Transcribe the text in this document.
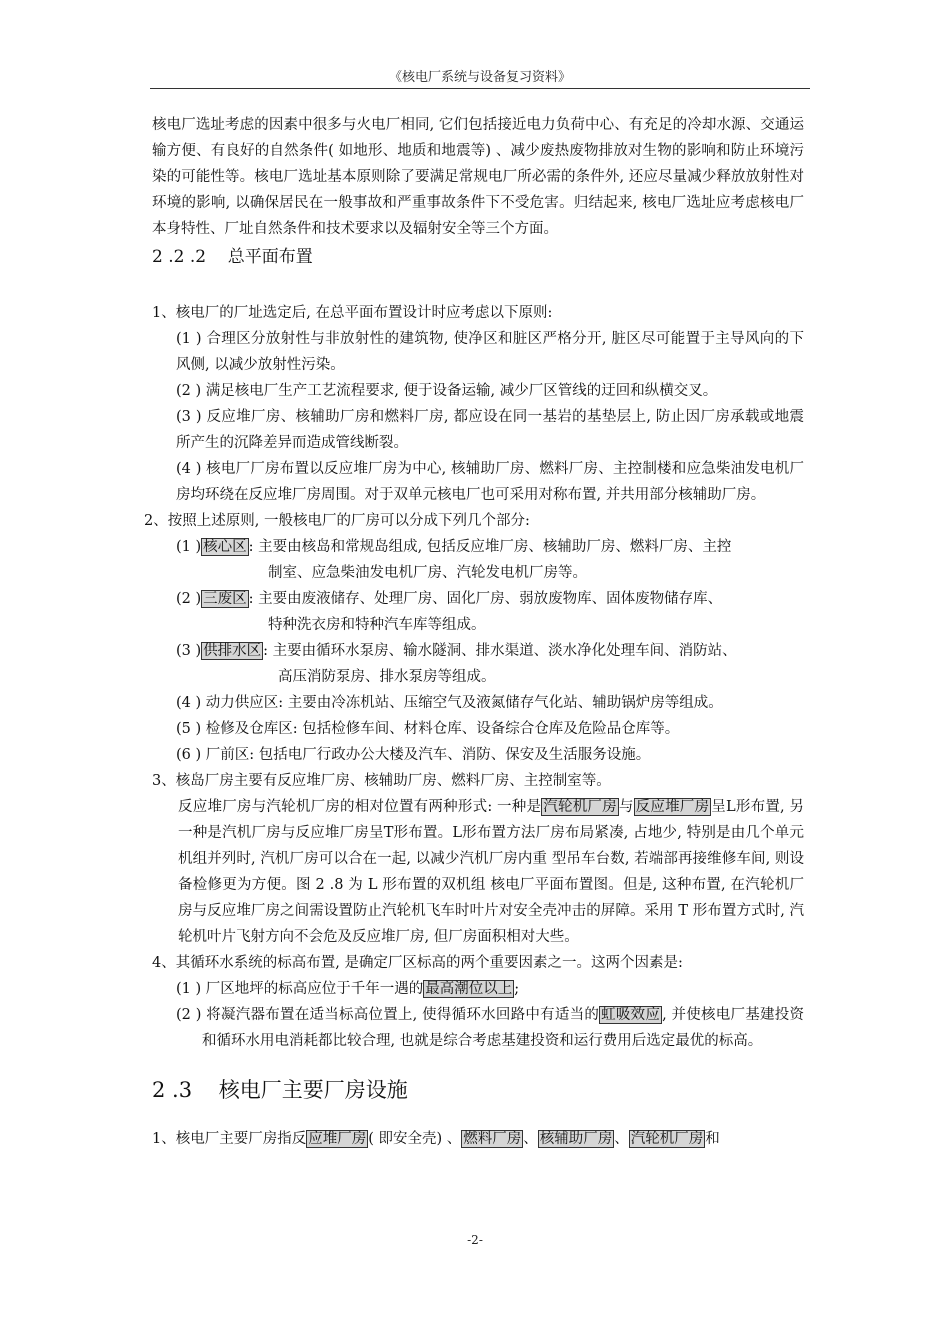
《核电厂系统与设备复习资料》

核电厂选址考虑的因素中很多与火电厂相同, 它们包括接近电力负荷中心、有充足的冷却水源、交通运输方便、有良好的自然条件( 如地形、地质和地震等) 、减少废热废物排放对生物的影响和防止环境污染的可能性等。核电厂选址基本原则除了要满足常规电厂所必需的条件外, 还应尽量减少释放放射性对环境的影响, 以确保居民在一般事故和严重事故条件下不受危害。归结起来, 核电厂选址应考虑核电厂本身特性、厂址自然条件和技术要求以及辐射安全等三个方面。

2 .2 .2 总平面布置

1、核电厂的厂址选定后, 在总平面布置设计时应考虑以下原则:

(1 ) 合理区分放射性与非放射性的建筑物, 使净区和脏区严格分开, 脏区尽可能置于主导风向的下风侧, 以减少放射性污染。

(2 ) 满足核电厂生产工艺流程要求, 便于设备运输, 减少厂区管线的迂回和纵横交叉。

(3 ) 反应堆厂房、核辅助厂房和燃料厂房, 都应设在同一基岩的基垫层上, 防止因厂房承载或地震所产生的沉降差异而造成管线断裂。

(4 ) 核电厂厂房布置以反应堆厂房为中心, 核辅助厂房、燃料厂房、主控制楼和应急柴油发电机厂房均环绕在反应堆厂房周围。对于双单元核电厂也可采用对称布置, 并共用部分核辅助厂房。

2、按照上述原则, 一般核电厂的厂房可以分成下列几个部分:

(1 ) 核心区 : 主要由核岛和常规岛组成, 包括反应堆厂房、核辅助厂房、燃料厂房、主控

制室、应急柴油发电机厂房、汽轮发电机厂房等。

(2 ) 三废区 : 主要由废液储存、处理厂房、固化厂房、弱放废物库、固体废物储存库、

特种洗衣房和特种汽车库等组成。

(3 ) 供排水区 : 主要由循环水泵房、输水隧洞、排水渠道、淡水净化处理车间、消防站、

高压消防泵房、排水泵房等组成。

(4 ) 动力供应区: 主要由冷冻机站、压缩空气及液氮储存气化站、辅助锅炉房等组成。

(5 ) 检修及仓库区: 包括检修车间、材料仓库、设备综合仓库及危险品仓库等。

(6 ) 厂前区: 包括电厂行政办公大楼及汽车、消防、保安及生活服务设施。

3、核岛厂房主要有反应堆厂房、核辅助厂房、燃料厂房、主控制室等。

反应堆厂房与汽轮机厂房的相对位置有两种形式: 一种是 汽轮机厂房 与 反应堆厂房 呈L形布置, 另一种是汽机厂房与反应堆厂房呈T形布置。L形布置方法厂房布局紧凑, 占地少, 特别是由几个单元机组并列时, 汽机厂房可以合在一起, 以减少汽机厂房内重 型吊车台数, 若端部再接维修车间, 则设备检修更为方便。图 2 .8 为 L 形布置的双机组 核电厂平面布置图。但是, 这种布置, 在汽轮机厂房与反应堆厂房之间需设置防止汽轮机飞车时叶片对安全壳冲击的屏障。采用 T 形布置方式时, 汽轮机叶片飞射方向不会危及反应堆厂房, 但厂房面积相对大些。

4、其循环水系统的标高布置, 是确定厂区标高的两个重要因素之一。这两个因素是:

(1 ) 厂区地坪的标高应位于千年一遇的 最高潮位以上 ;

(2 ) 将凝汽器布置在适当标高位置上, 使得循环水回路中有适当的 虹吸效应 , 并使核电厂基建投资和循环水用电消耗都比较合理, 也就是综合考虑基建投资和运行费用后选定最优的标高。

2 .3 核电厂主要厂房设施

1、核电厂主要厂房指反 应堆厂房 ( 即安全壳) 、 燃料厂房 、 核辅助厂房 、 汽轮机厂房 和

-2-
